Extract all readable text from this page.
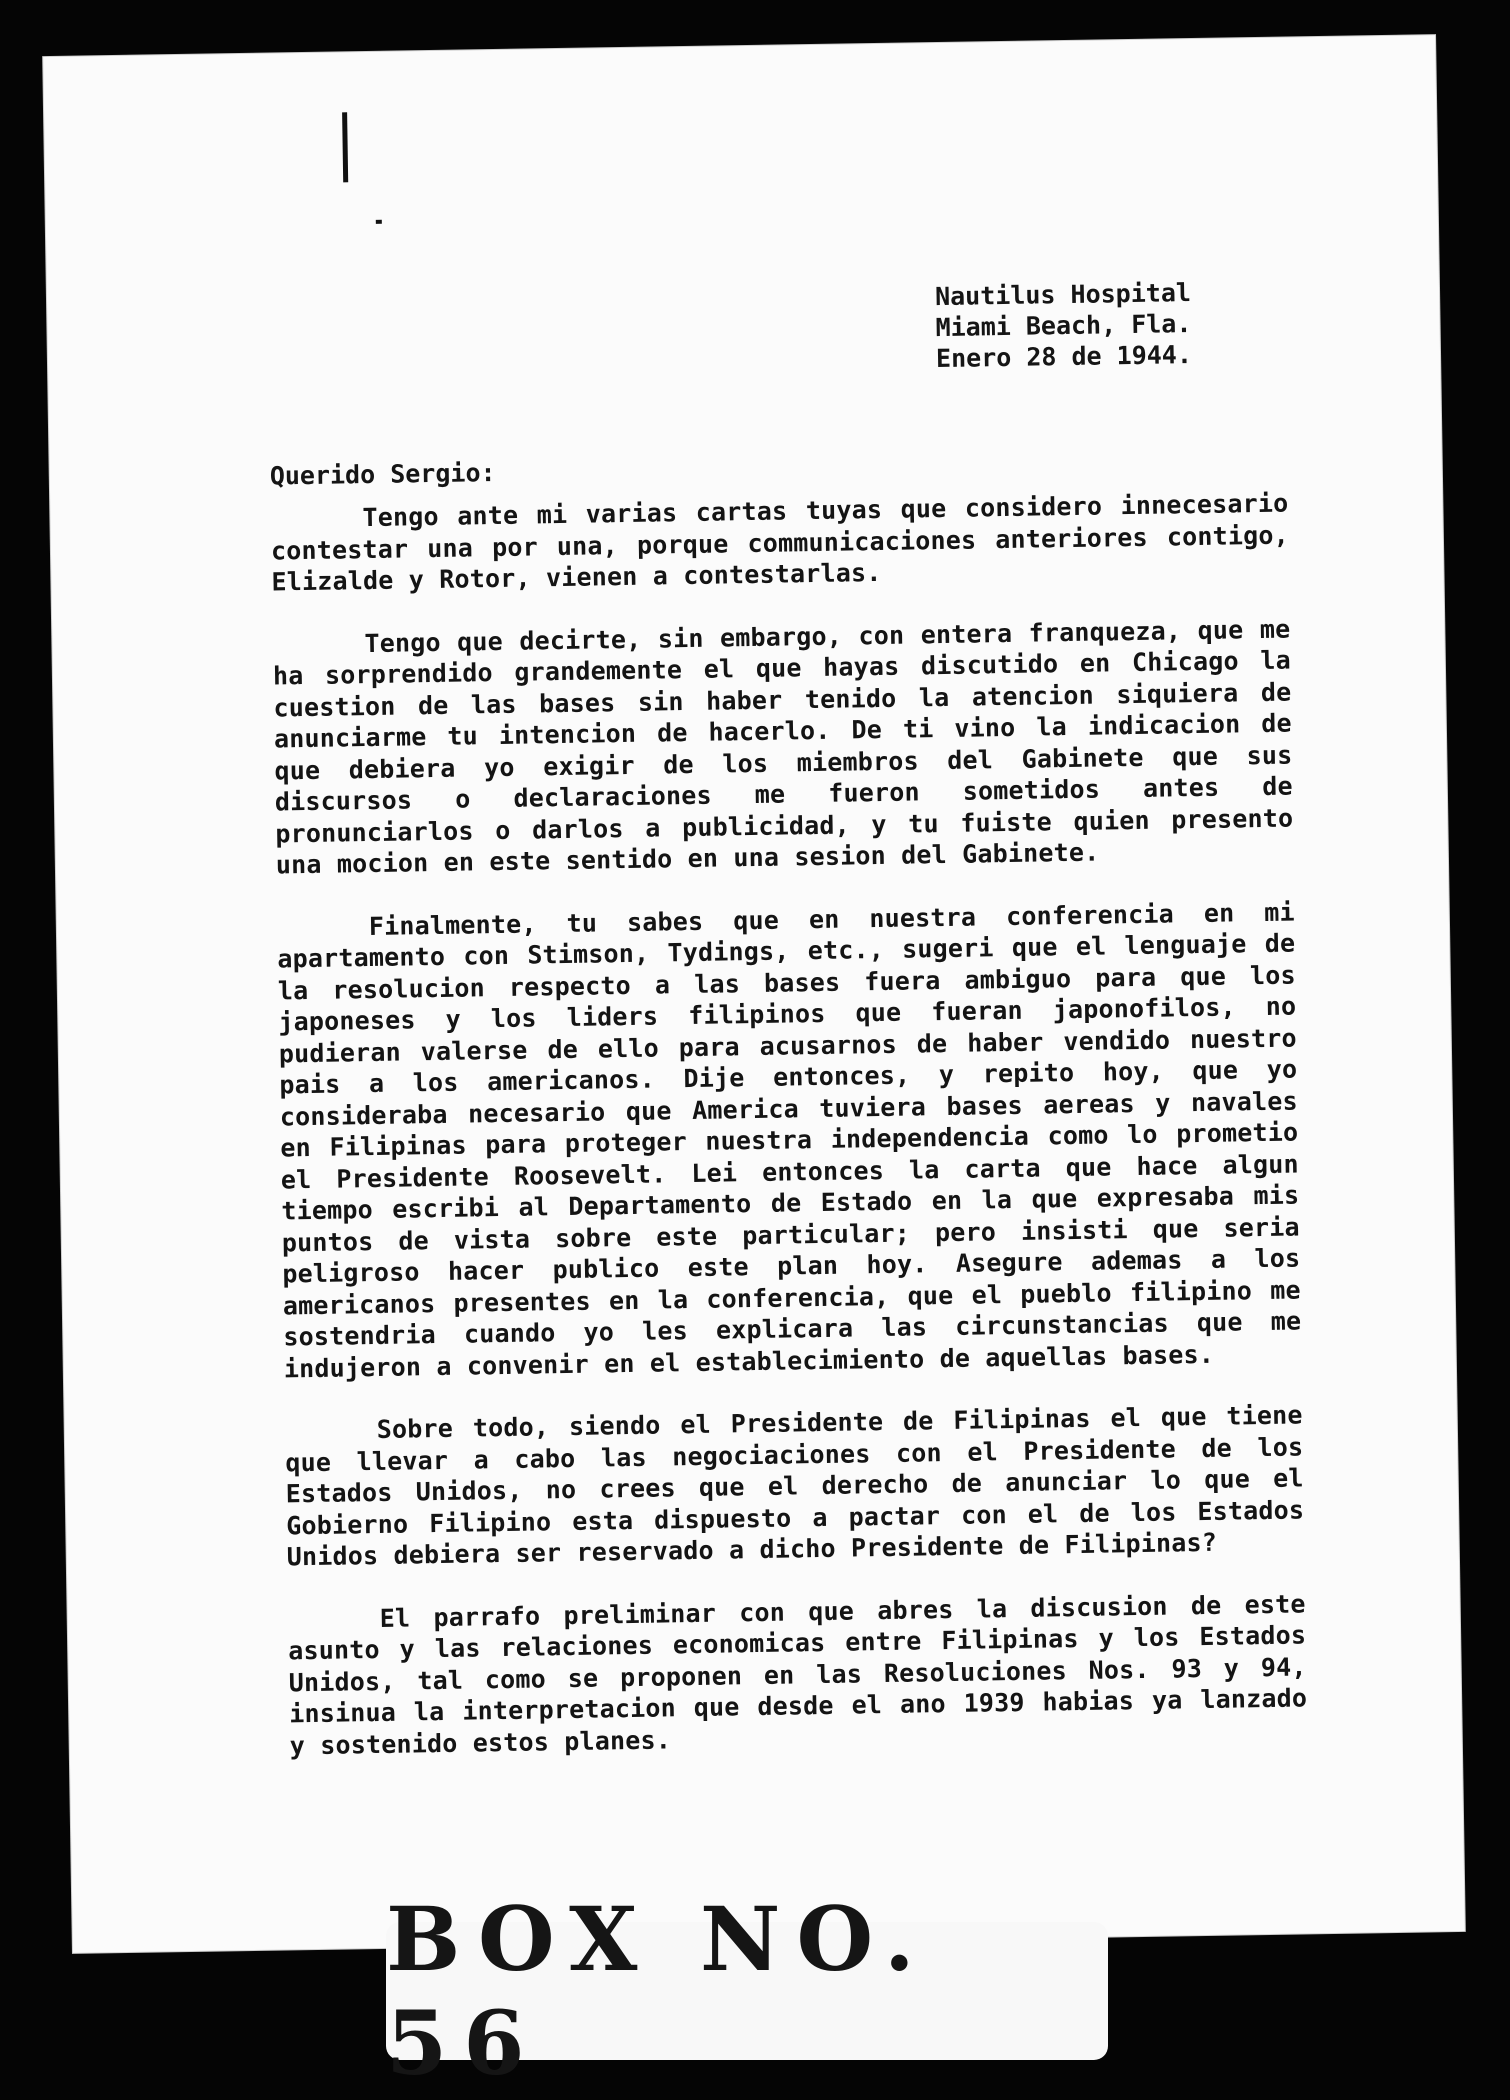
Nautilus Hospital
Miami Beach, Fla.
Enero 28 de 1944.
Querido Sergio:

Tengo ante mi varias cartas tuyas que considero innecesario contestar una por una, porque communicaciones anteriores contigo, Elizalde y Rotor, vienen a contestarlas.

Tengo que decirte, sin embargo, con entera franqueza, que me ha sorprendido grandemente el que hayas discutido en Chicago la cuestion de las bases sin haber tenido la atencion siquiera de anunciarme tu intencion de hacerlo. De ti vino la indicacion de que debiera yo exigir de los miembros del Gabinete que sus discursos o declaraciones me fueron sometidos antes de pronunciarlos o darlos a publicidad, y tu fuiste quien presento una mocion en este sentido en una sesion del Gabinete.

Finalmente, tu sabes que en nuestra conferencia en mi apartamento con Stimson, Tydings, etc., sugeri que el lenguaje de la resolucion respecto a las bases fuera ambiguo para que los japoneses y los liders filipinos que fueran japonofilos, no pudieran valerse de ello para acusarnos de haber vendido nuestro pais a los americanos. Dije entonces, y repito hoy, que yo consideraba necesario que America tuviera bases aereas y navales en Filipinas para proteger nuestra independencia como lo prometio el Presidente Roosevelt. Lei entonces la carta que hace algun tiempo escribi al Departamento de Estado en la que expresaba mis puntos de vista sobre este particular; pero insisti que seria peligroso hacer publico este plan hoy. Asegure ademas a los americanos presentes en la conferencia, que el pueblo filipino me sostendria cuando yo les explicara las circunstancias que me indujeron a convenir en el establecimiento de aquellas bases.

Sobre todo, siendo el Presidente de Filipinas el que tiene que llevar a cabo las negociaciones con el Presidente de los Estados Unidos, no crees que el derecho de anunciar lo que el Gobierno Filipino esta dispuesto a pactar con el de los Estados Unidos debiera ser reservado a dicho Presidente de Filipinas?

El parrafo preliminar con que abres la discusion de este asunto y las relaciones economicas entre Filipinas y los Estados Unidos, tal como se proponen en las Resoluciones Nos. 93 y 94, insinua la interpretacion que desde el ano 1939 habias ya lanzado y sostenido estos planes.

BOX NO. 56
